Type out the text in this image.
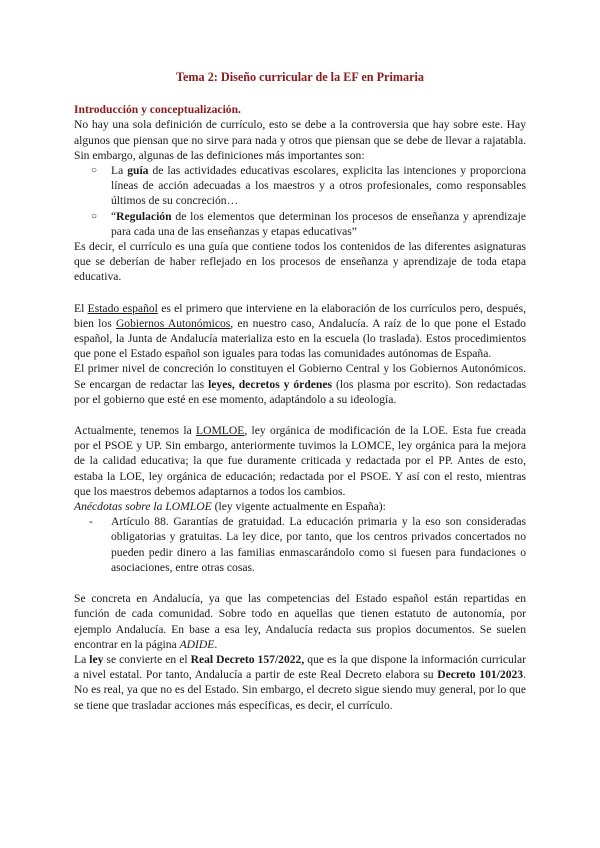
Tema 2: Diseño curricular de la EF en Primaria

Introducción y conceptualización.

No hay una sola definición de currículo, esto se debe a la controversia que hay sobre este. Hay algunos que piensan que no sirve para nada y otros que piensan que se debe de llevar a rajatabla. Sin embargo, algunas de las definiciones más importantes son:

○ La guía de las actividades educativas escolares, explicita las intenciones y proporciona líneas de acción adecuadas a los maestros y a otros profesionales, como responsables últimos de su concreción…
○ “Regulación de los elementos que determinan los procesos de enseñanza y aprendizaje para cada una de las enseñanzas y etapas educativas”

Es decir, el currículo es una guía que contiene todos los contenidos de las diferentes asignaturas que se deberían de haber reflejado en los procesos de enseñanza y aprendizaje de toda etapa educativa.

El Estado español es el primero que interviene en la elaboración de los currículos pero, después, bien los Gobiernos Autonómicos, en nuestro caso, Andalucía. A raíz de lo que pone el Estado español, la Junta de Andalucía materializa esto en la escuela (lo traslada). Estos procedimientos que pone el Estado español son iguales para todas las comunidades autónomas de España.

El primer nivel de concreción lo constituyen el Gobierno Central y los Gobiernos Autonómicos. Se encargan de redactar las leyes, decretos y órdenes (los plasma por escrito). Son redactadas por el gobierno que esté en ese momento, adaptándolo a su ideología.

Actualmente, tenemos la LOMLOE, ley orgánica de modificación de la LOE. Esta fue creada por el PSOE y UP. Sin embargo, anteriormente tuvimos la LOMCE, ley orgánica para la mejora de la calidad educativa; la que fue duramente criticada y redactada por el PP. Antes de esto, estaba la LOE, ley orgánica de educación; redactada por el PSOE. Y así con el resto, mientras que los maestros debemos adaptarnos a todos los cambios.

Anécdotas sobre la LOMLOE (ley vigente actualmente en España):

- Artículo 88. Garantías de gratuidad. La educación primaria y la eso son consideradas obligatorias y gratuitas. La ley dice, por tanto, que los centros privados concertados no pueden pedir dinero a las familias enmascarándolo como si fuesen para fundaciones o asociaciones, entre otras cosas.

Se concreta en Andalucía, ya que las competencias del Estado español están repartidas en función de cada comunidad. Sobre todo en aquellas que tienen estatuto de autonomía, por ejemplo Andalucía. En base a esa ley, Andalucía redacta sus propios documentos. Se suelen encontrar en la página ADIDE.

La ley se convierte en el Real Decreto 157/2022, que es la que dispone la información curricular a nivel estatal. Por tanto, Andalucía a partir de este Real Decreto elabora su Decreto 101/2023. No es real, ya que no es del Estado. Sin embargo, el decreto sigue siendo muy general, por lo que se tiene que trasladar acciones más específicas, es decir, el currículo.
